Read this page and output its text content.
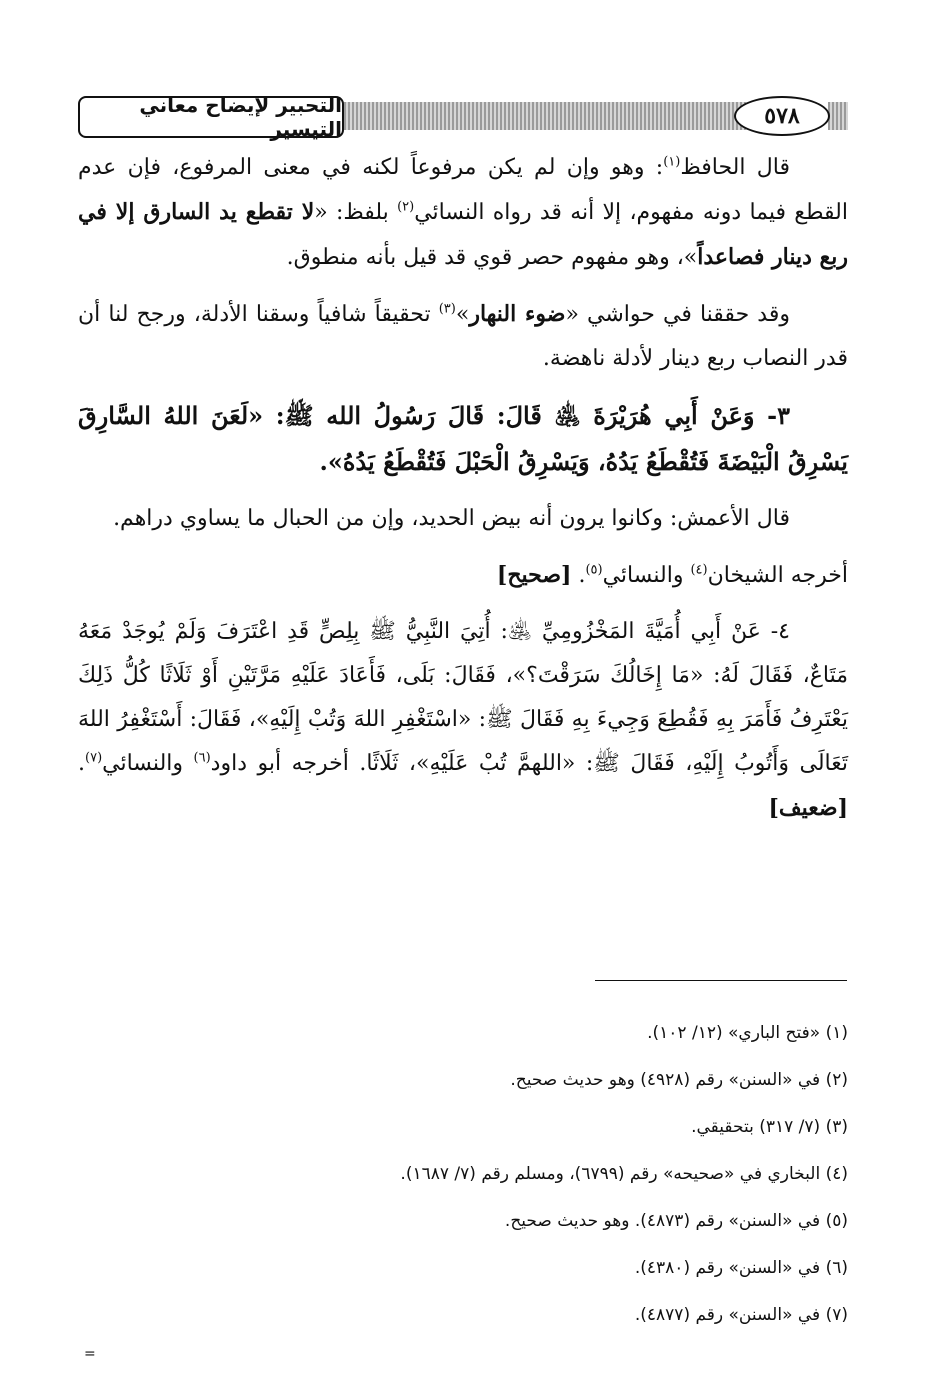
التحبير لإيضاح معاني التيسير	٥٧٨

قال الحافظ$^{(١)}$: وهو وإن لم يكن مرفوعاً لكنه في معنى المرفوع، فإن عدم القطع فيما دونه مفهوم، إلا أنه قد رواه النسائي$^{(٢)}$ بلفظ: «لا تقطع يد السارق إلا في ربع دينار فصاعداً»، وهو مفهوم حصر قوي قد قيل بأنه منطوق.

وقد حققنا في حواشي «ضوء النهار»$^{(٣)}$ تحقيقاً شافياً وسقنا الأدلة، ورجح لنا أن قدر النصاب ربع دينار لأدلة ناهضة.

٣- وَعَنْ أَبِي هُرَيْرَةَ ﵁ قَالَ: قَالَ رَسُولُ الله ﷺ: «لَعَنَ اللهُ السَّارِقَ يَسْرِقُ الْبَيْضَةَ فَتُقْطَعُ يَدُهُ، وَيَسْرِقُ الْحَبْلَ فَتُقْطَعُ يَدُهُ».

قال الأعمش: وكانوا يرون أنه بيض الحديد، وإن من الحبال ما يساوي دراهم.

أخرجه الشيخان$^{(٤)}$ والنسائي$^{(٥)}$. [صحيح]

٤- عَنْ أَبِي أُمَيَّةَ المَخْزُومِيِّ ﵁: أُتِيَ النَّبِيُّ ﷺ بِلِصٍّ قَدِ اعْتَرَفَ وَلَمْ يُوجَدْ مَعَهُ مَتَاعٌ، فَقَالَ لَهُ: «مَا إِخَالُكَ سَرَقْتَ؟»، فَقَالَ: بَلَى، فَأَعَادَ عَلَيْهِ مَرَّتَيْنِ أَوْ ثَلَاثًا كُلُّ ذَلِكَ يَعْتَرِفُ فَأَمَرَ بِهِ فَقُطِعَ وَجِيءَ بِهِ فَقَالَ ﷺ: «اسْتَغْفِرِ اللهَ وَتُبْ إِلَيْهِ»، فَقَالَ: أَسْتَغْفِرُ اللهَ تَعَالَى وَأَتُوبُ إِلَيْهِ، فَقَالَ ﷺ: «اللهمَّ تُبْ عَلَيْهِ»، ثَلَاثًا. أخرجه أبو داود$^{(٦)}$ والنسائي$^{(٧)}$. [ضعيف]

(١) «فتح الباري» (١٢/ ١٠٢).
(٢) في «السنن» رقم (٤٩٢٨) وهو حديث صحيح.
(٣) (٧/ ٣١٧) بتحقيقي.
(٤) البخاري في «صحيحه» رقم (٦٧٩٩)، ومسلم رقم (٧/ ١٦٨٧).
(٥) في «السنن» رقم (٤٨٧٣). وهو حديث صحيح.
(٦) في «السنن» رقم (٤٣٨٠).
(٧) في «السنن» رقم (٤٨٧٧).
=
